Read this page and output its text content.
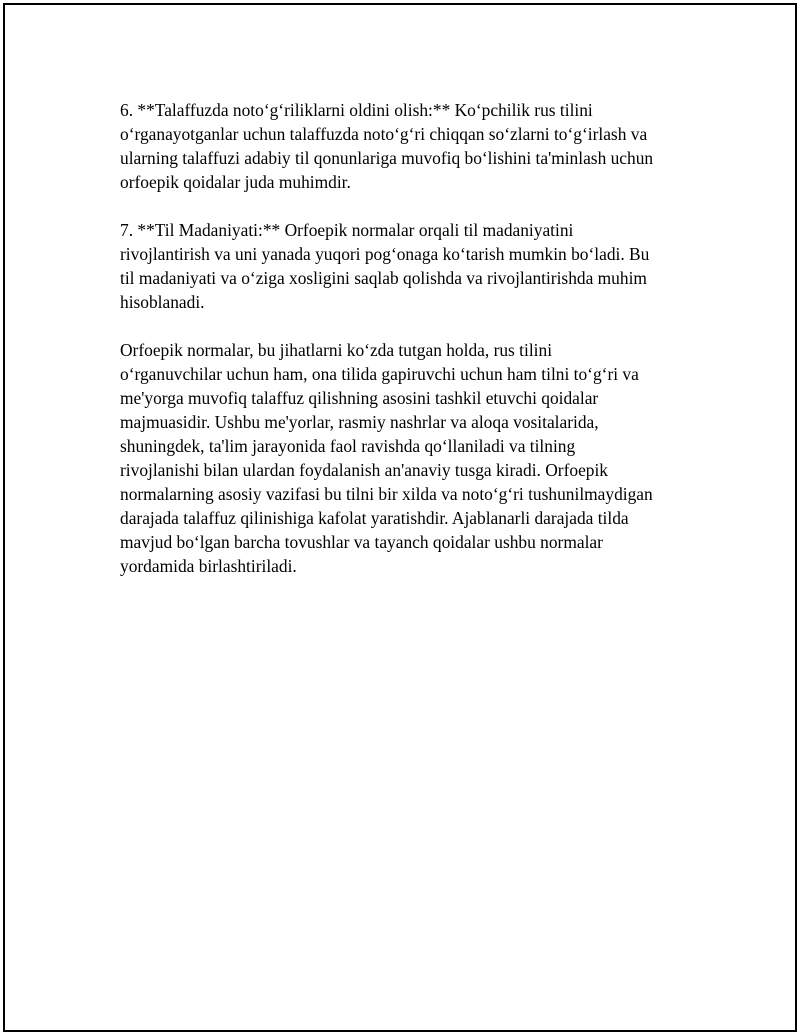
6. **Talaffuzda noto‘g‘riliklarni oldini olish:** Ko‘pchilik rus tilini
o‘rganayotganlar uchun talaffuzda noto‘g‘ri chiqqan so‘zlarni to‘g‘irlash va
ularning talaffuzi adabiy til qonunlariga muvofiq bo‘lishini ta'minlash uchun
orfoepik qoidalar juda muhimdir.

7. **Til Madaniyati:** Orfoepik normalar orqali til madaniyatini
rivojlantirish va uni yanada yuqori pog‘onaga ko‘tarish mumkin bo‘ladi. Bu
til madaniyati va o‘ziga xosligini saqlab qolishda va rivojlantirishda muhim
hisoblanadi.

Orfoepik normalar, bu jihatlarni ko‘zda tutgan holda, rus tilini
o‘rganuvchilar uchun ham, ona tilida gapiruvchi uchun ham tilni to‘g‘ri va
me'yorga muvofiq talaffuz qilishning asosini tashkil etuvchi qoidalar
majmuasidir. Ushbu me'yorlar, rasmiy nashrlar va aloqa vositalarida,
shuningdek, ta'lim jarayonida faol ravishda qo‘llaniladi va tilning
rivojlanishi bilan ulardan foydalanish an'anaviy tusga kiradi. Orfoepik
normalarning asosiy vazifasi bu tilni bir xilda va noto‘g‘ri tushunilmaydigan
darajada talaffuz qilinishiga kafolat yaratishdir. Ajablanarli darajada tilda
mavjud bo‘lgan barcha tovushlar va tayanch qoidalar ushbu normalar
yordamida birlashtiriladi.
